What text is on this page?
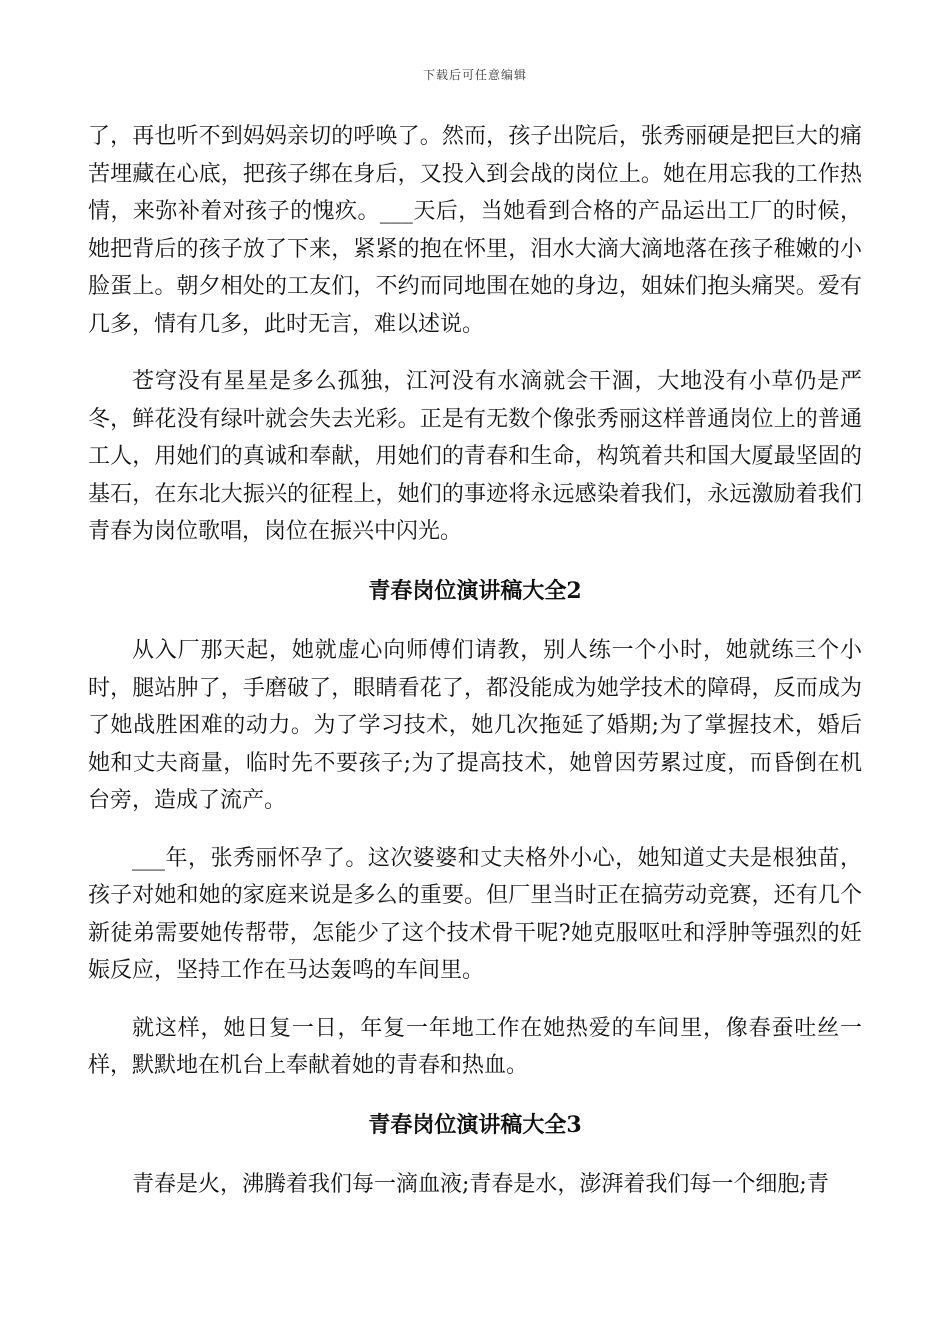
下载后可任意编辑

了，再也听不到妈妈亲切的呼唤了。然而，孩子出院后，张秀丽硬是把巨大的痛苦埋藏在心底，把孩子绑在身后，又投入到会战的岗位上。她在用忘我的工作热情，来弥补着对孩子的愧疚。___天后，当她看到合格的产品运出工厂的时候，她把背后的孩子放了下来，紧紧的抱在怀里，泪水大滴大滴地落在孩子稚嫩的小脸蛋上。朝夕相处的工友们，不约而同地围在她的身边，姐妹们抱头痛哭。爱有几多，情有几多，此时无言，难以述说。

苍穹没有星星是多么孤独，江河没有水滴就会干涸，大地没有小草仍是严冬，鲜花没有绿叶就会失去光彩。正是有无数个像张秀丽这样普通岗位上的普通工人，用她们的真诚和奉献，用她们的青春和生命，构筑着共和国大厦最坚固的基石，在东北大振兴的征程上，她们的事迹将永远感染着我们，永远激励着我们青春为岗位歌唱，岗位在振兴中闪光。

青春岗位演讲稿大全2

从入厂那天起，她就虚心向师傅们请教，别人练一个小时，她就练三个小时，腿站肿了，手磨破了，眼睛看花了，都没能成为她学技术的障碍，反而成为了她战胜困难的动力。为了学习技术，她几次拖延了婚期;为了掌握技术，婚后她和丈夫商量，临时先不要孩子;为了提高技术，她曾因劳累过度，而昏倒在机台旁，造成了流产。

___年，张秀丽怀孕了。这次婆婆和丈夫格外小心，她知道丈夫是根独苗，孩子对她和她的家庭来说是多么的重要。但厂里当时正在搞劳动竞赛，还有几个新徒弟需要她传帮带，怎能少了这个技术骨干呢?她克服呕吐和浮肿等强烈的妊娠反应，坚持工作在马达轰鸣的车间里。

就这样，她日复一日，年复一年地工作在她热爱的车间里，像春蚕吐丝一样，默默地在机台上奉献着她的青春和热血。

青春岗位演讲稿大全3

青春是火，沸腾着我们每一滴血液;青春是水，澎湃着我们每一个细胞;青
